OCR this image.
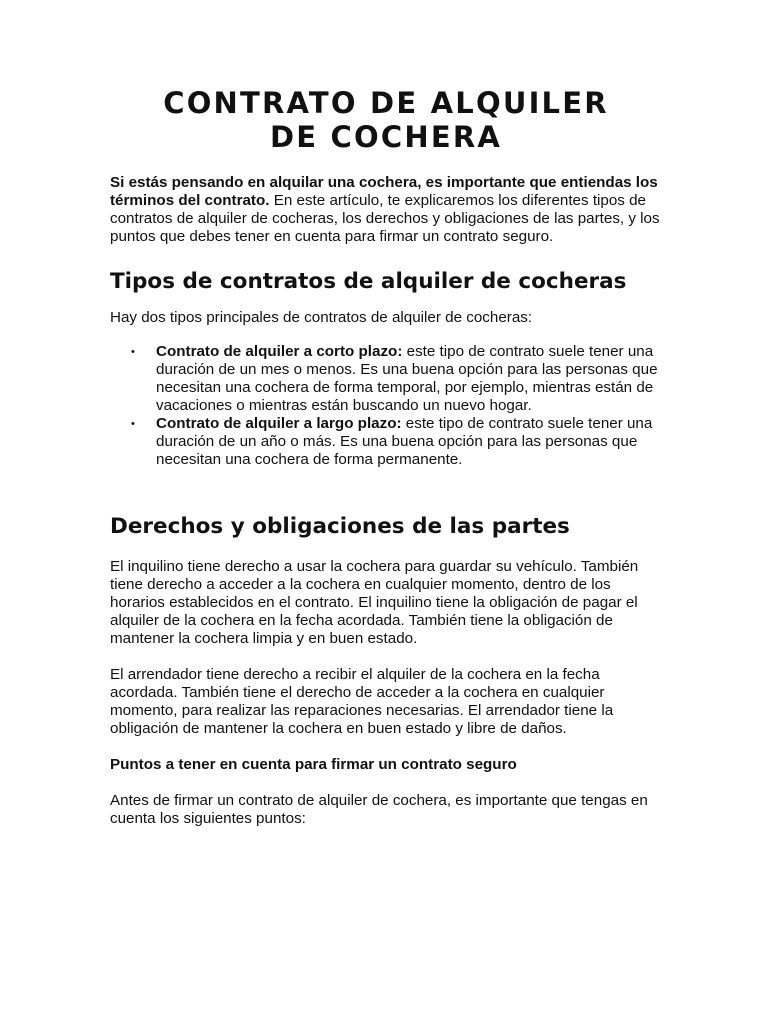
CONTRATO DE ALQUILER
DE COCHERA

Si estás pensando en alquilar una cochera, es importante que entiendas los términos del contrato. En este artículo, te explicaremos los diferentes tipos de contratos de alquiler de cocheras, los derechos y obligaciones de las partes, y los puntos que debes tener en cuenta para firmar un contrato seguro.

Tipos de contratos de alquiler de cocheras

Hay dos tipos principales de contratos de alquiler de cocheras:

• Contrato de alquiler a corto plazo: este tipo de contrato suele tener una duración de un mes o menos. Es una buena opción para las personas que necesitan una cochera de forma temporal, por ejemplo, mientras están de vacaciones o mientras están buscando un nuevo hogar.
• Contrato de alquiler a largo plazo: este tipo de contrato suele tener una duración de un año o más. Es una buena opción para las personas que necesitan una cochera de forma permanente.
Derechos y obligaciones de las partes

El inquilino tiene derecho a usar la cochera para guardar su vehículo. También tiene derecho a acceder a la cochera en cualquier momento, dentro de los horarios establecidos en el contrato. El inquilino tiene la obligación de pagar el alquiler de la cochera en la fecha acordada. También tiene la obligación de mantener la cochera limpia y en buen estado.

El arrendador tiene derecho a recibir el alquiler de la cochera en la fecha acordada. También tiene el derecho de acceder a la cochera en cualquier momento, para realizar las reparaciones necesarias. El arrendador tiene la obligación de mantener la cochera en buen estado y libre de daños.

Puntos a tener en cuenta para firmar un contrato seguro

Antes de firmar un contrato de alquiler de cochera, es importante que tengas en cuenta los siguientes puntos:
